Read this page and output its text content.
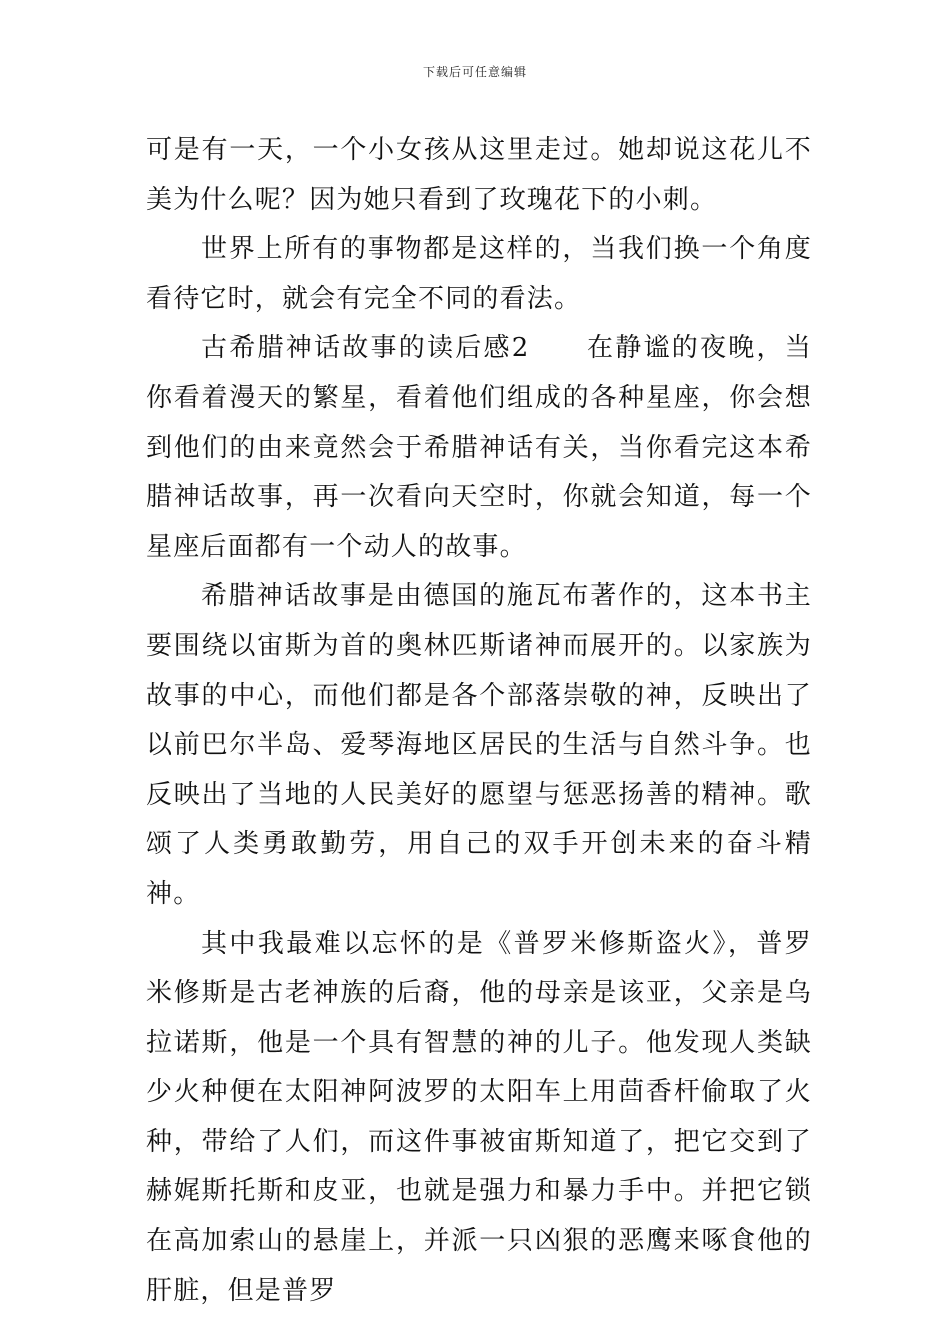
下载后可任意编辑

可是有一天，一个小女孩从这里走过。她却说这花儿不美为什么呢？因为她只看到了玫瑰花下的小刺。

世界上所有的事物都是这样的，当我们换一个角度看待它时，就会有完全不同的看法。

古希腊神话故事的读后感2　　在静谧的夜晚，当你看着漫天的繁星，看着他们组成的各种星座，你会想到他们的由来竟然会于希腊神话有关，当你看完这本希腊神话故事，再一次看向天空时，你就会知道，每一个星座后面都有一个动人的故事。

希腊神话故事是由德国的施瓦布著作的，这本书主要围绕以宙斯为首的奥林匹斯诸神而展开的。以家族为故事的中心，而他们都是各个部落崇敬的神，反映出了以前巴尔半岛、爱琴海地区居民的生活与自然斗争。也反映出了当地的人民美好的愿望与惩恶扬善的精神。歌颂了人类勇敢勤劳，用自己的双手开创未来的奋斗精神。

其中我最难以忘怀的是《普罗米修斯盗火》，普罗米修斯是古老神族的后裔，他的母亲是该亚，父亲是乌拉诺斯，他是一个具有智慧的神的儿子。他发现人类缺少火种便在太阳神阿波罗的太阳车上用茴香杆偷取了火种，带给了人们，而这件事被宙斯知道了，把它交到了赫娓斯托斯和皮亚，也就是强力和暴力手中。并把它锁在高加索山的悬崖上，并派一只凶狠的恶鹰来啄食他的肝脏，但是普罗
